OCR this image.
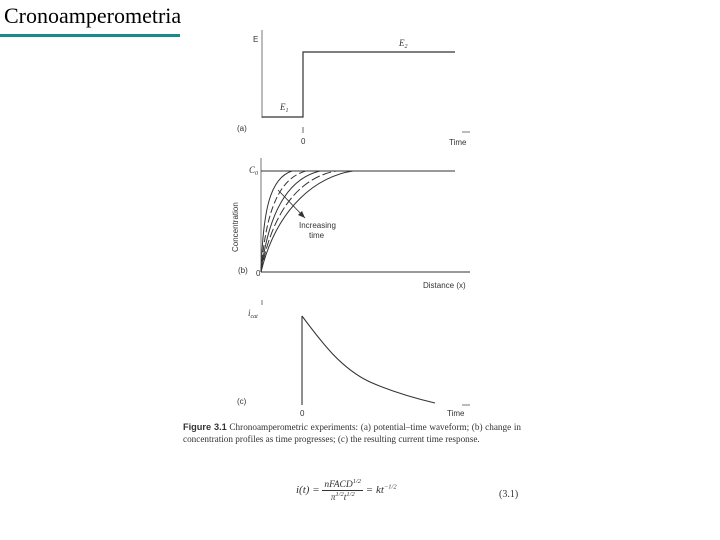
Cronoamperometria
E
$E_1$
$E_2$
(a)
0	Time
$C_0$
0
(b)
Concentration	Increasing
time
Distance (x)
$i_{cat}$
(c)
0	Time
Figure 3.1 Chronoamperometric experiments: (a) potential–time waveform; (b) change in concentration profiles as time progresses; (c) the resulting current time response.
$i(t) = \frac{nFACD^{1/2}}{\pi^{1/2}t^{1/2}} = kt^{-1/2}$
(3.1)
